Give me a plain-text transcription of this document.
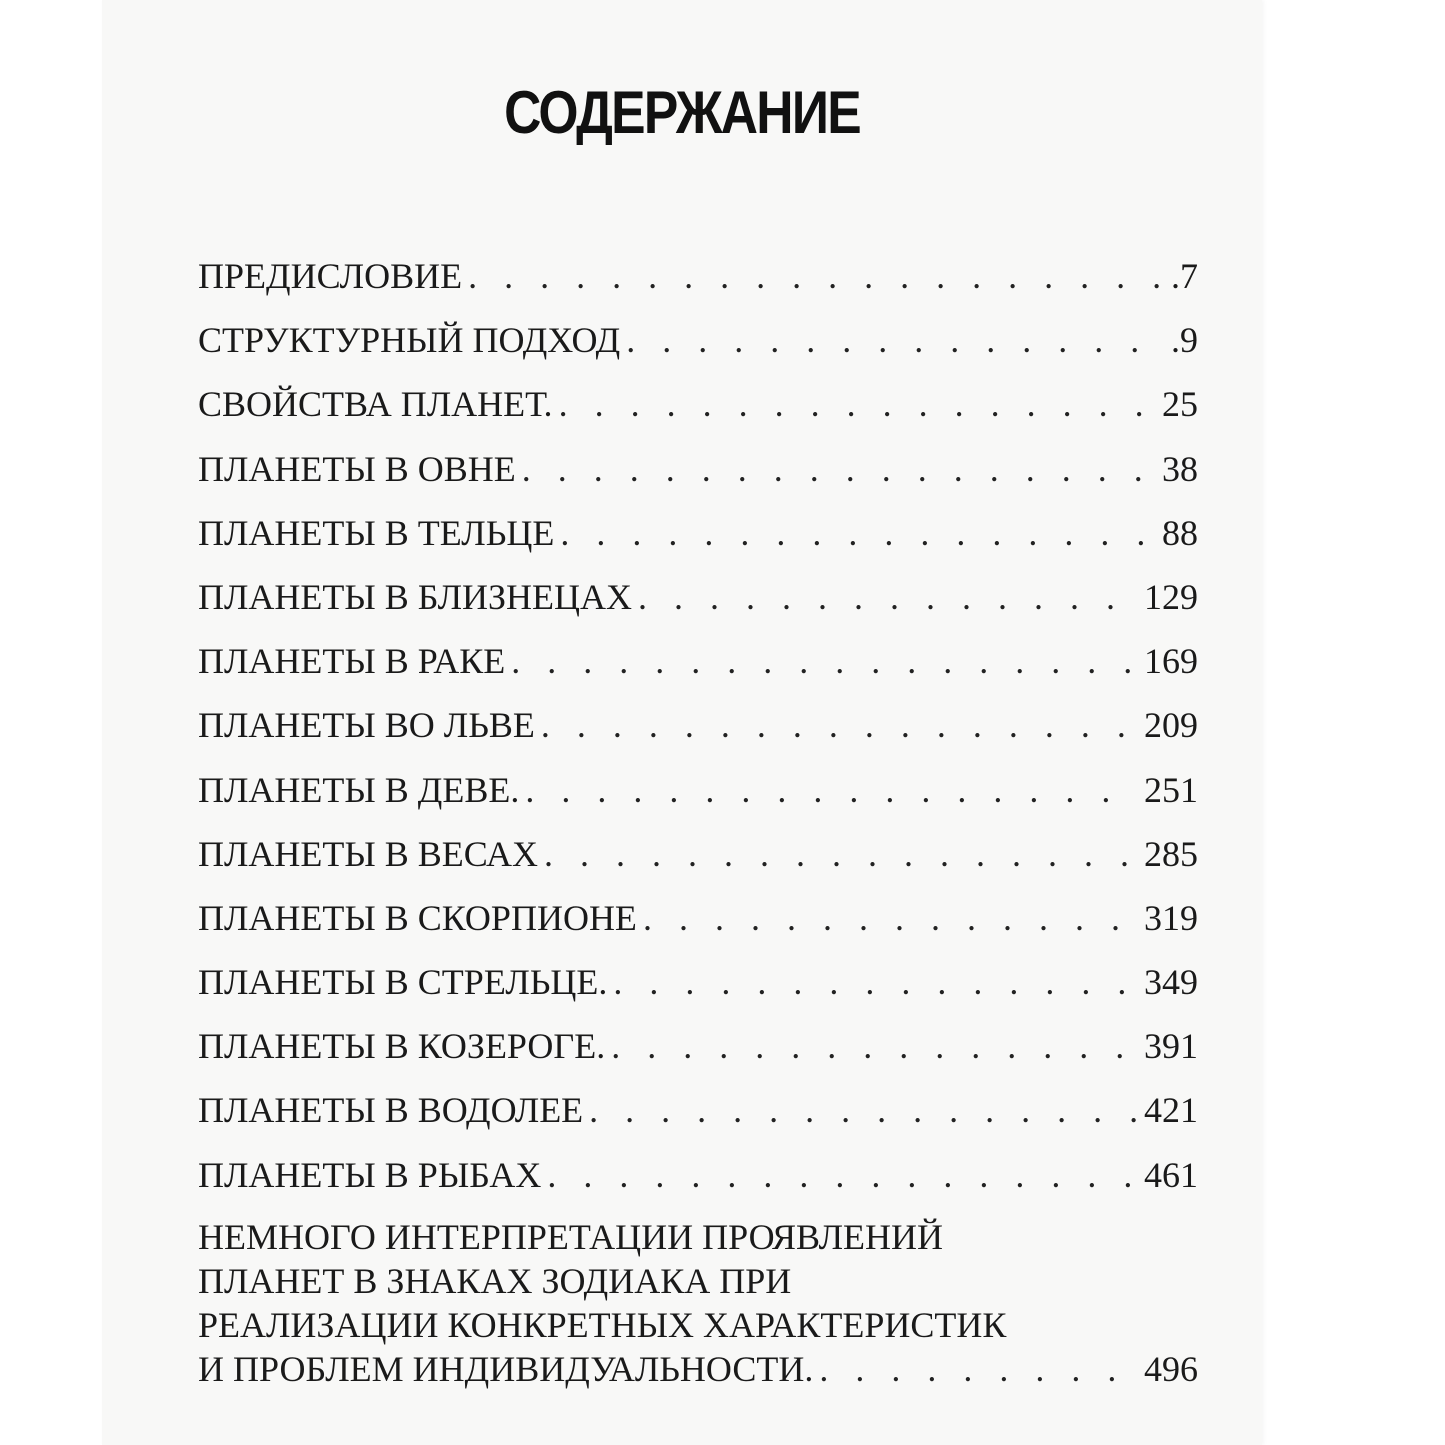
СОДЕРЖАНИЕ
ПРЕДИСЛОВИЕ . . .	.7
СТРУКТУРНЫЙ ПОДХОД . . .	.9
СВОЙСТВА ПЛАНЕТ. . . .	25
ПЛАНЕТЫ В ОВНЕ . . .	38
ПЛАНЕТЫ В ТЕЛЬЦЕ . . .	88
ПЛАНЕТЫ В БЛИЗНЕЦАХ . . .	129
ПЛАНЕТЫ В РАКЕ . . .	169
ПЛАНЕТЫ ВО ЛЬВЕ . . .	209
ПЛАНЕТЫ В ДЕВЕ. . . .	251
ПЛАНЕТЫ В ВЕСАХ . . .	285
ПЛАНЕТЫ В СКОРПИОНЕ . . .	319
ПЛАНЕТЫ В СТРЕЛЬЦЕ. . . .	349
ПЛАНЕТЫ В КОЗЕРОГЕ. . . .	391
ПЛАНЕТЫ В ВОДОЛЕЕ . . .	421
ПЛАНЕТЫ В РЫБАХ . . .	461
НЕМНОГО ИНТЕРПРЕТАЦИИ ПРОЯВЛЕНИЙ
ПЛАНЕТ В ЗНАКАХ ЗОДИАКА ПРИ
РЕАЛИЗАЦИИ КОНКРЕТНЫХ ХАРАКТЕРИСТИК
И ПРОБЛЕМ ИНДИВИДУАЛЬНОСТИ. . . .	496
